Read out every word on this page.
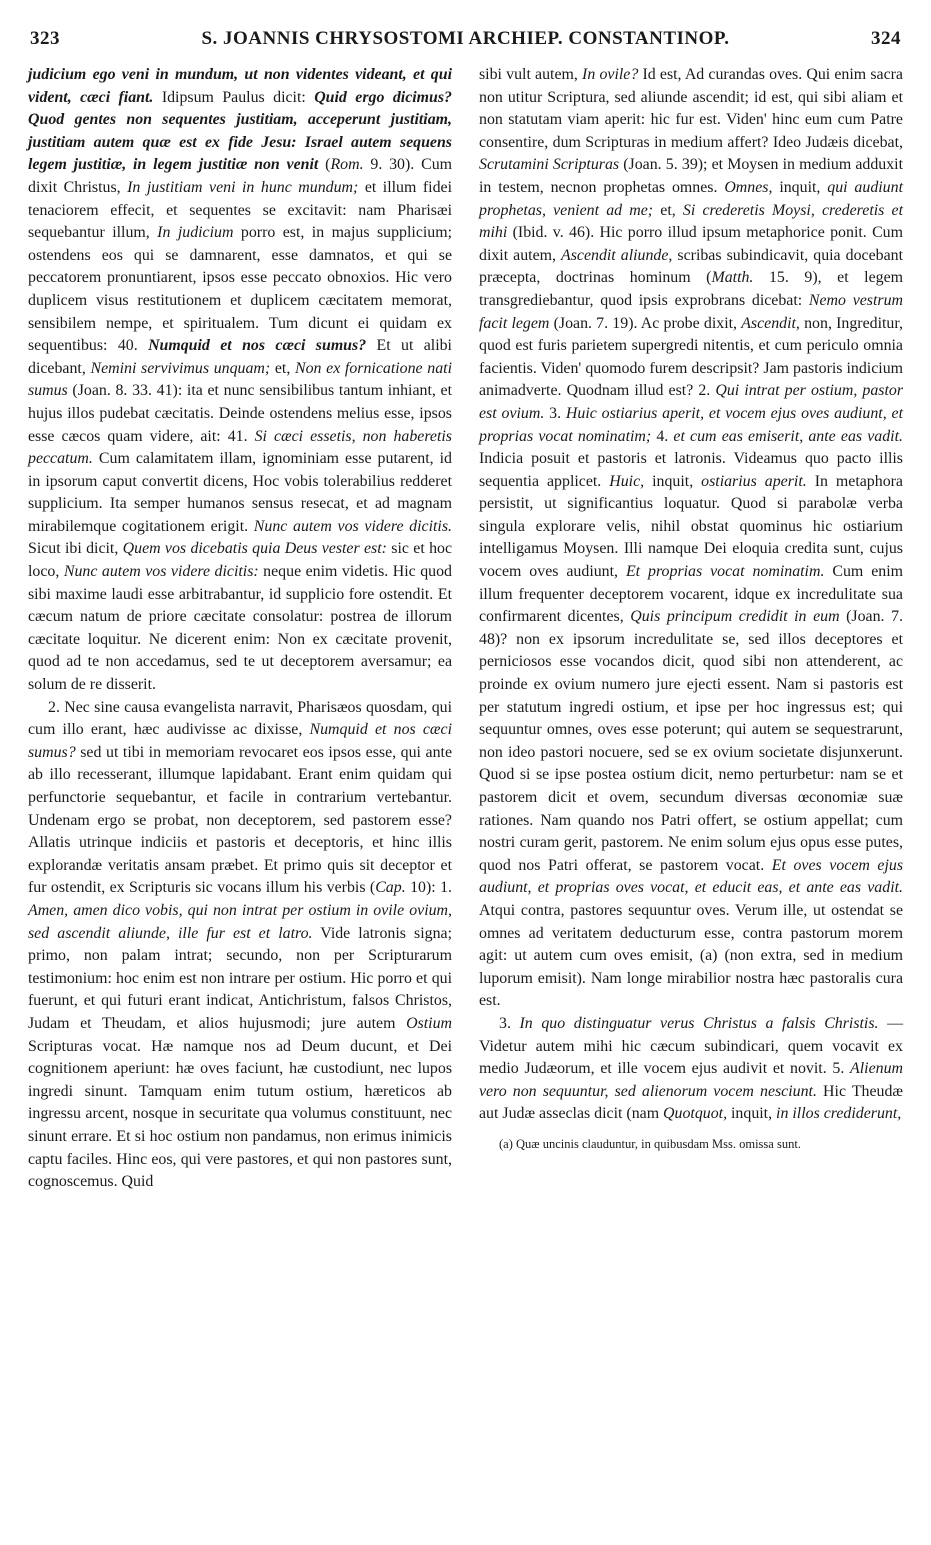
323	S. JOANNIS CHRYSOSTOMI ARCHIEP. CONSTANTINOP.	324

judicium ego veni in mundum, ut non videntes videant, et qui vident, cæci fiant. Idipsum Paulus dicit: Quid ergo dicimus? Quod gentes non sequentes justitiam, acceperunt justitiam, justitiam autem quæ est ex fide Jesu: Israel autem sequens legem justitiæ, in legem justitiæ non venit (Rom. 9. 30). Cum dixit Christus, In justitiam veni in hunc mundum; et illum fidei tenaciorem effecit, et sequentes se excitavit: nam Pharisæi sequebantur illum, In judicium porro est, in majus supplicium; ostendens eos qui se damnarent, esse damnatos, et qui se peccatorem pronuntiarent, ipsos esse peccato obnoxios. Hic vero duplicem visus restitutionem et duplicem cæcitatem memorat, sensibilem nempe, et spiritualem. Tum dicunt ei quidam ex sequentibus: 40. Numquid et nos cæci sumus? Et ut alibi dicebant, Nemini servivimus unquam; et, Non ex fornicatione nati sumus (Joan. 8. 33. 41): ita et nunc sensibilibus tantum inhiant, et hujus illos pudebat cæcitatis. Deinde ostendens melius esse, ipsos esse cæcos quam videre, ait: 41. Si cæci essetis, non haberetis peccatum. Cum calamitatem illam, ignominiam esse putarent, id in ipsorum caput convertit dicens, Hoc vobis tolerabilius redderet supplicium. Ita semper humanos sensus resecat, et ad magnam mirabilemque cogitationem erigit. Nunc autem vos videre dicitis. Sicut ibi dicit, Quem vos dicebatis quia Deus vester est: sic et hoc loco, Nunc autem vos videre dicitis: neque enim videtis. Hic quod sibi maxime laudi esse arbitrabantur, id supplicio fore ostendit. Et cæcum natum de priore cæcitate consolatur: postrea de illorum cæcitate loquitur. Ne dicerent enim: Non ex cæcitate provenit, quod ad te non accedamus, sed te ut deceptorem aversamur; ea solum de re disserit.

2. Nec sine causa evangelista narravit, Pharisæos quosdam, qui cum illo erant, hæc audivisse ac dixisse, Numquid et nos cæci sumus? sed ut tibi in memoriam revocaret eos ipsos esse, qui ante ab illo recesserant, illumque lapidabant. Erant enim quidam qui perfunctorie sequebantur, et facile in contrarium vertebantur. Undenam ergo se probat, non deceptorem, sed pastorem esse? Allatis utrinque indiciis et pastoris et deceptoris, et hinc illis explorandæ veritatis ansam præbet. Et primo quis sit deceptor et fur ostendit, ex Scripturis sic vocans illum his verbis (Cap. 10): 1. Amen, amen dico vobis, qui non intrat per ostium in ovile ovium, sed ascendit aliunde, ille fur est et latro. Vide latronis signa; primo, non palam intrat; secundo, non per Scripturarum testimonium: hoc enim est non intrare per ostium. Hic porro et qui fuerunt, et qui futuri erant indicat, Antichristum, falsos Christos, Judam et Theudam, et alios hujusmodi; jure autem Ostium Scripturas vocat. Hæ namque nos ad Deum ducunt, et Dei cognitionem aperiunt: hæ oves faciunt, hæ custodiunt, nec lupos ingredi sinunt. Tamquam enim tutum ostium, hæreticos ab ingressu arcent, nosque in securitate qua volumus constituunt, nec sinunt errare. Et si hoc ostium non pandamus, non erimus inimicis captu faciles. Hinc eos, qui vere pastores, et qui non pastores sunt, cognoscemus. Quid

sibi vult autem, In ovile? Id est, Ad curandas oves. Qui enim sacra non utitur Scriptura, sed aliunde ascendit; id est, qui sibi aliam et non statutam viam aperit: hic fur est. Viden' hinc eum cum Patre consentire, dum Scripturas in medium affert? Ideo Judæis dicebat, Scrutamini Scripturas (Joan. 5. 39); et Moysen in medium adduxit in testem, necnon prophetas omnes. Omnes, inquit, qui audiunt prophetas, venient ad me; et, Si crederetis Moysi, crederetis et mihi (Ibid. v. 46). Hic porro illud ipsum metaphorice ponit. Cum dixit autem, Ascendit aliunde, scribas subindicavit, quia docebant præcepta, doctrinas hominum (Matth. 15. 9), et legem transgrediebantur, quod ipsis exprobrans dicebat: Nemo vestrum facit legem (Joan. 7. 19). Ac probe dixit, Ascendit, non, Ingreditur, quod est furis parietem supergredi nitentis, et cum periculo omnia facientis. Viden' quomodo furem descripsit? Jam pastoris indicium animadverte. Quodnam illud est? 2. Qui intrat per ostium, pastor est ovium. 3. Huic ostiarius aperit, et vocem ejus oves audiunt, et proprias vocat nominatim; 4. et cum eas emiserit, ante eas vadit. Indicia posuit et pastoris et latronis. Videamus quo pacto illis sequentia applicet. Huic, inquit, ostiarius aperit. In metaphora persistit, ut significantius loquatur. Quod si parabolæ verba singula explorare velis, nihil obstat quominus hic ostiarium intelligamus Moysen. Illi namque Dei eloquia credita sunt, cujus vocem oves audiunt, Et proprias vocat nominatim. Cum enim illum frequenter deceptorem vocarent, idque ex incredulitate sua confirmarent dicentes, Quis principum credidit in eum (Joan. 7. 48)? non ex ipsorum incredulitate se, sed illos deceptores et perniciosos esse vocandos dicit, quod sibi non attenderent, ac proinde ex ovium numero jure ejecti essent. Nam si pastoris est per statutum ingredi ostium, et ipse per hoc ingressus est; qui sequuntur omnes, oves esse poterunt; qui autem se sequestrarunt, non ideo pastori nocuere, sed se ex ovium societate disjunxerunt. Quod si se ipse postea ostium dicit, nemo perturbetur: nam se et pastorem dicit et ovem, secundum diversas œconomiæ suæ rationes. Nam quando nos Patri offert, se ostium appellat; cum nostri curam gerit, pastorem. Ne enim solum ejus opus esse putes, quod nos Patri offerat, se pastorem vocat. Et oves vocem ejus audiunt, et proprias oves vocat, et educit eas, et ante eas vadit. Atqui contra, pastores sequuntur oves. Verum ille, ut ostendat se omnes ad veritatem deducturum esse, contra pastorum morem agit: ut autem cum oves emisit, (a) (non extra, sed in medium luporum emisit). Nam longe mirabilior nostra hæc pastoralis cura est.

3. In quo distinguatur verus Christus a falsis Christis. — Videtur autem mihi hic cæcum subindicari, quem vocavit ex medio Judæorum, et ille vocem ejus audivit et novit. 5. Alienum vero non sequuntur, sed alienorum vocem nesciunt. Hic Theudæ aut Judæ asseclas dicit (nam Quotquot, inquit, in illos crediderunt,

(a) Quæ uncinis clauduntur, in quibusdam Mss. omissa sunt.
